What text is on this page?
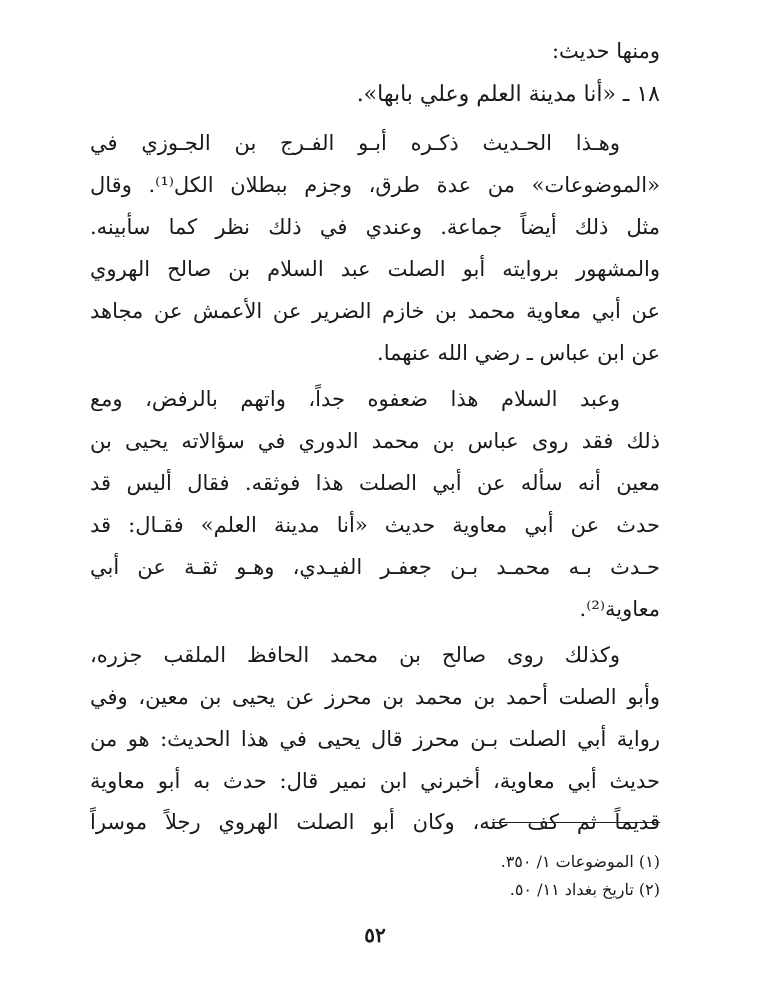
ومنها حديث:
١٨ ـ «أنا مدينة العلم وعلي بابها».
وهـذا الحـديث ذكـره أبـو الفـرج بن الجـوزي في
«الموضوعات» من عدة طرق، وجزم ببطلان الكل⁽¹⁾. وقال
مثل ذلك أيضاً جماعة. وعندي في ذلك نظر كما سأبينه.
والمشهور بروايته أبو الصلت عبد السلام بن صالح الهروي
عن أبي معاوية محمد بن خازم الضرير عن الأعمش عن مجاهد
عن ابن عباس ـ رضي الله عنهما.
وعبد السلام هذا ضعفوه جداً، واتهم بالرفض، ومع
ذلك فقد روى عباس بن محمد الدوري في سؤالاته يحيى بن
معين أنه سأله عن أبي الصلت هذا فوثقه. فقال أليس قد
حدث عن أبي معاوية حديث «أنا مدينة العلم» فقـال: قد
حـدث بـه محمـد بـن جعفـر الفيـدي، وهـو ثقـة عن أبي
معاوية⁽²⁾.
وكذلك روى صالح بن محمد الحافظ الملقب جزره،
وأبو الصلت أحمد بن محمد بن محرز عن يحيى بن معين، وفي
رواية أبي الصلت بـن محرز قال يحيى في هذا الحديث: هو من
حديث أبي معاوية، أخبرني ابن نمير قال: حدث به أبو معاوية
قديماً ثم كف عنه، وكان أبو الصلت الهروي رجلاً موسراً
(١) الموضوعات ١/ ٣٥٠.
(٢) تاريخ بغداد ١١/ ٥٠.
٥٢
